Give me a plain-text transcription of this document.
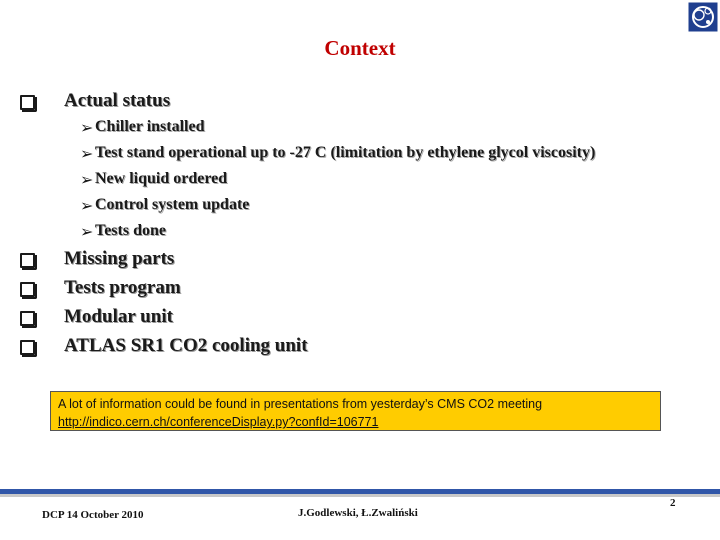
Context
Actual status
➢ Chiller installed
➢ Test stand operational up to -27 C (limitation by ethylene glycol viscosity)
➢ New liquid ordered
➢ Control system update
➢ Tests done
Missing parts
Tests program
Modular unit
ATLAS SR1 CO2 cooling unit
A lot of information could be found in presentations from yesterday’s CMS CO2 meeting
http://indico.cern.ch/conferenceDisplay.py?confId=106771
DCP 14 October 2010	J.Godlewski, Ł.Zwaliński
2
